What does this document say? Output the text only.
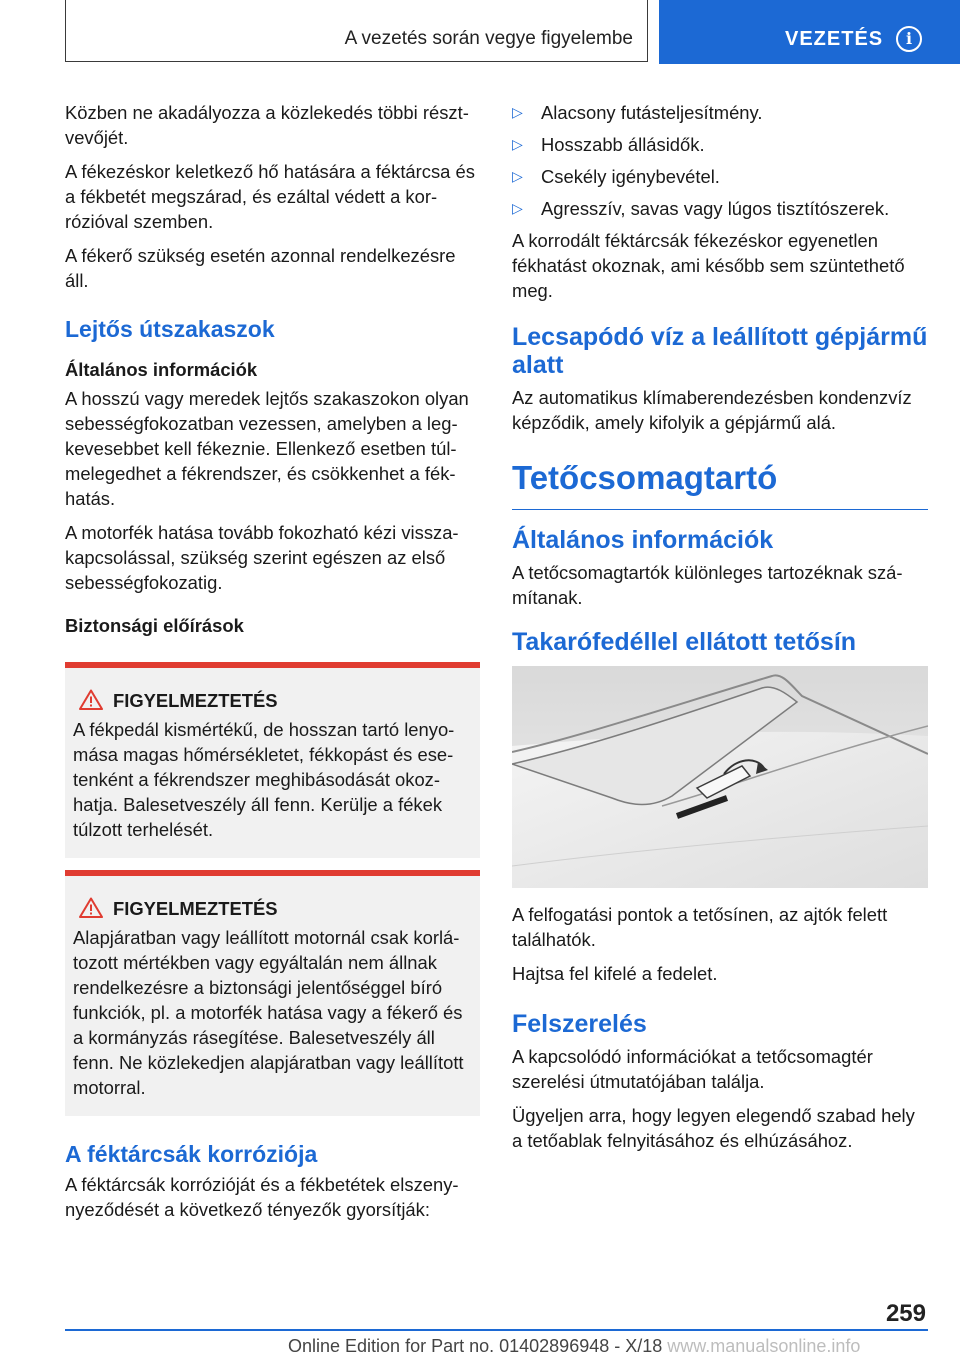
A vezetés során vegye figyelembe	VEZETÉS	i

Közben ne akadályozza a közlekedés többi részt‐vevőjét.

A fékezéskor keletkező hő hatására a féktárcsa és a fékbetét megszárad, és ezáltal védett a kor‐rózióval szemben.

A fékerő szükség esetén azonnal rendelkezésre áll.

Lejtős útszakaszok
Általános információk

A hosszú vagy meredek lejtős szakaszokon olyan sebességfokozatban vezessen, amelyben a leg‐kevesebbet kell fékeznie. Ellenkező esetben túl‐melegedhet a fékrendszer, és csökkenhet a fék‐hatás.

A motorfék hatása tovább fokozható kézi vissza‐kapcsolással, szükség szerint egészen az első sebességfokozatig.

Biztonsági előírások
FIGYELMEZTETÉS

A fékpedál kismértékű, de hosszan tartó lenyo‐mása magas hőmérsékletet, fékkopást és ese‐tenként a fékrendszer meghibásodását okoz‐hatja. Balesetveszély áll fenn. Kerülje a fékek túlzott terhelését.

FIGYELMEZTETÉS

Alapjáratban vagy leállított motornál csak korlá‐tozott mértékben vagy egyáltalán nem állnak rendelkezésre a biztonsági jelentőséggel bíró funkciók, pl. a motorfék hatása vagy a fékerő és a kormányzás rásegítése. Balesetveszély áll fenn. Ne közlekedjen alapjáratban vagy leállított motorral.

A féktárcsák korróziója

A féktárcsák korrózióját és a fékbetétek elszeny‐nyeződését a következő tényezők gyorsítják:

▷ Alacsony futásteljesítmény.
▷ Hosszabb állásidők.
▷ Csekély igénybevétel.
▷ Agresszív, savas vagy lúgos tisztítószerek.

A korrodált féktárcsák fékezéskor egyenetlen fékhatást okoznak, ami később sem szüntethető meg.

Lecsapódó víz a leállított gépjármű alatt

Az automatikus klímaberendezésben kondenzvíz képződik, amely kifolyik a gépjármű alá.

Tetőcsomagtartó
Általános információk

A tetőcsomagtartók különleges tartozéknak szá‐mítanak.

Takarófedéllel ellátott tetősín

A felfogatási pontok a tetősínen, az ajtók felett találhatók.

Hajtsa fel kifelé a fedelet.

Felszerelés

A kapcsolódó információkat a tetőcsomagtér szerelési útmutatójában találja.

Ügyeljen arra, hogy legyen elegendő szabad hely a tetőablak felnyitásához és elhúzásához.

259
Online Edition for Part no. 01402896948 - X/18 www.manualsonline.info
